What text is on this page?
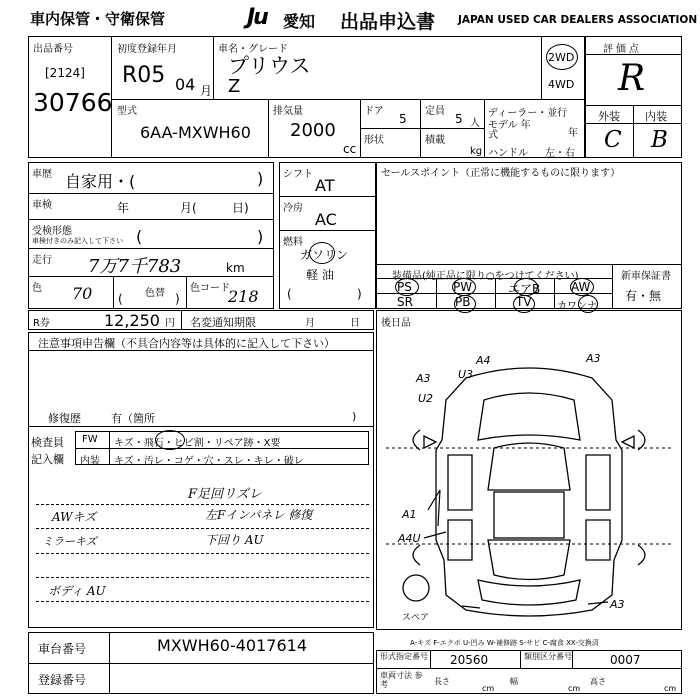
車内保管・守衛保管	Ju 愛知 出品申込書 JAPAN USED CAR DEALERS ASSOCIATION
出品番号
[2124]
30766
初度登録年月
R05 04 月
車名・グレード
プリウス
Z
2WD
4WD
評価点
R
外装 内装
C B
型式
6AA-MXWH60
排気量
2000
cc
ドア
5
定員
5 人
形状	積載
kg
ディーラー・並行
モデル 年式	年
ハンドル 左・右
車歴 自家用・(	)
車検	年	月(	日)
受検形態
車検付きのみ記入して下さい (	)
走行 7万7千783	km
色 70	色替
(	)
色コード
218
シフト
AT
冷房
AC
燃料
ガソリン
軽 油
(	)
セールスポイント（正常に機能するものに限ります）
装備品(純正品に限り○をつけてください)
PS	PW	エアB	AW
SR	PB	TV	カワンナ
新車保証書
有・無
R券	12,250 円 名変通知期限	月	日 後日品
注意事項申告欄（不具合内容等は具体的に記入して下さい）
修復歴	有（箇所	)
検査員
記入欄
FW キズ・飛石・ヒビ割・リペア跡・X要
内装 キズ・汚レ・コゲ・穴・スレ・キレ・破レ
F足回リズレ
AWキズ	左Fインパネレ 修復
ミラーキズ	下回り AU
ボディ AU
A4	A3
A3 U3
U2
A1
A4U
A3
スペア
A-キズ F-エクボ U-凹み W-補修跡 S-サビ C-腐食 XX-交換済
車台番号	MXWH60-4017614
登録番号
形式指定番号 20560	類別区分番号	0007
車両寸法 参考	長さ
cm
幅
cm
高さ
cm
